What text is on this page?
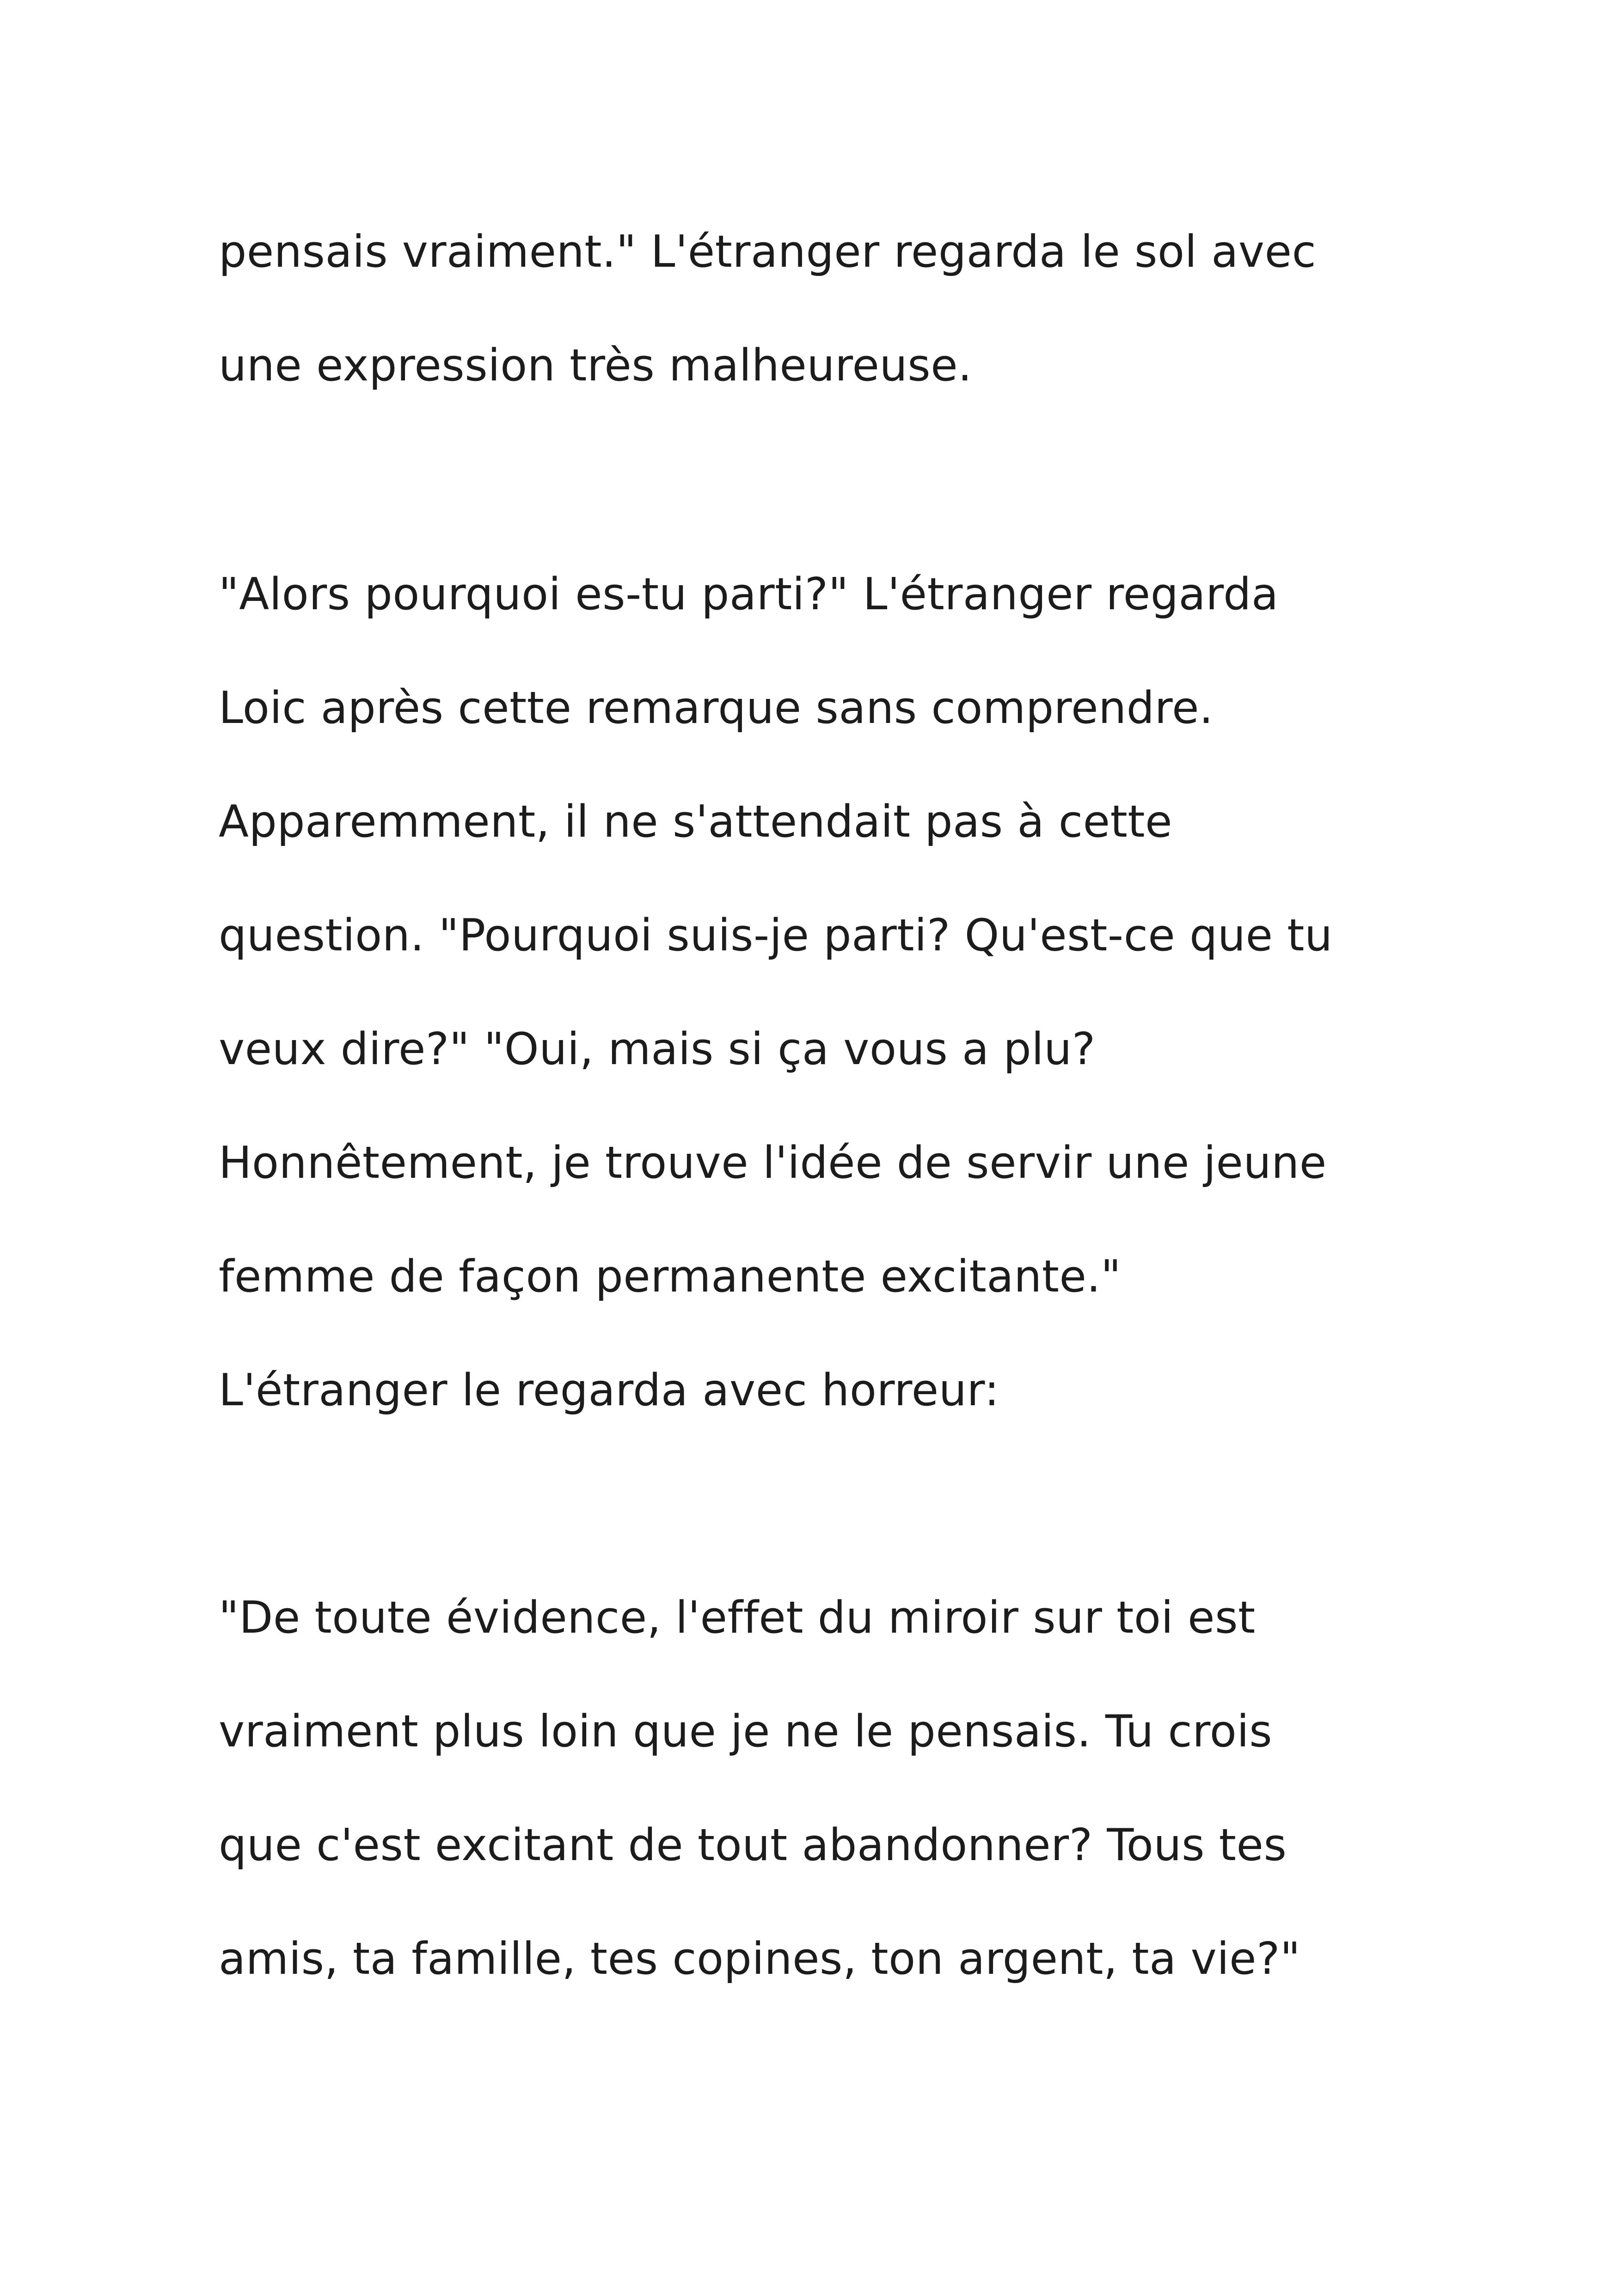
pensais vraiment." L'étranger regarda le sol avec

une expression très malheureuse.

"Alors pourquoi es-tu parti?" L'étranger regarda

Loic après cette remarque sans comprendre.

Apparemment, il ne s'attendait pas à cette

question. "Pourquoi suis-je parti? Qu'est-ce que tu

veux dire?" "Oui, mais si ça vous a plu?

Honnêtement, je trouve l'idée de servir une jeune

femme de façon permanente excitante."

L'étranger le regarda avec horreur:

"De toute évidence, l'effet du miroir sur toi est

vraiment plus loin que je ne le pensais. Tu crois

que c'est excitant de tout abandonner? Tous tes

amis, ta famille, tes copines, ton argent, ta vie?"
